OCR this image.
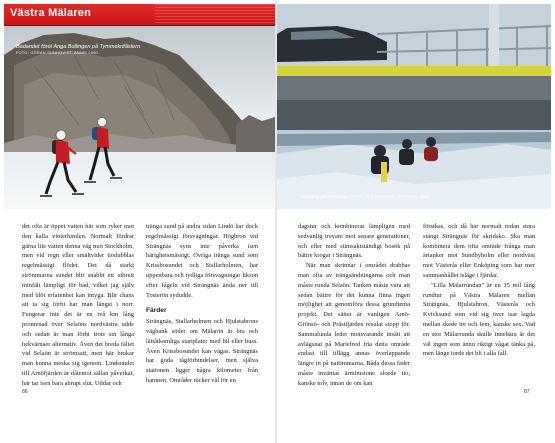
Västra Mälaren
Badandet föret Anga Bollingen på Tymmekrifåstern
FOTO: GÖRAN SUNDQVIST, ANNIE LIND
Isplåtning på Strängnäs, FOTO: OLE MAGNUS JENSSEN, 2007

det ofta är öppet vatten här som ryker mot den kalla vinterhimlen. Normalt fördrar gärna lite vatten denna väg mot Stockholm, men vid regn eller smältvider tiodubblas regelmässigt flödet. Det då starkt strömmarna sundet blir snabbt ett utbrett minfält lämpligt för bad, vilket jag själv med blöt erfarenhet kan intyga. Blir chans att ta sig förbi har man längst i norr. Fungerar inte det är en två km lång promenad över Selaöns nordvästra udde och sedan är man förbi trots sin långa hekvärnaer alternativ. Även det breda fältet vid Selaön är strömsatt, men här brukar man kunna meska sig igenom. Lindsundet till Arnöfjärden är dåtemot sällan påverkat, här tar isen bara abrupt slut. Uddar och

tränga sund på andra sidan Lindö har dock regelmässigt försvagningar. Högbron vid Strängnäs syns inte påverka isen härighetsmässigt. Övriga tränga sund som Krissbosundet och Stallarholmen, har uppenbara och tydliga försvagningar likson efter fågeln vid Strängnäs ända ner till Tosterön syduddе.

Färder

Strängnäs, Stallarholmen och Hjulstabrons vägbank söder om Mälarön är bra och lättåtkomliga startplater med bil eller buss. Även Krissbosundet kan vägas. Strängnäs har goda tågförbindelser, men själva stationen ligger några kilometer från hamnen. Områder räcker väl för en

dagstur och kombineras lämpligen med sedvanlig trevare mot senare generationer, och eller med stimsaktständigt bosök på bättre krogar i Strängnäs.

När man skrinnar i området drabbas man ofta av trängsändningarna och man måste runda Selaön. Tanken måste vara att sedan bättre för det kunna finna ingen möjlighet att genomföra dessa grundtema projekt. Det sättet är vanligen Arnö-Grönsö- och Prästfjärden resulat stopp för. Sammalunda leder motsvarande insätt att avlägsnat på Mariefred fria detta område endast till tillägg annas överlappande längre in på nattimmarna. Båda dessa fäder måste inväntas ärmimstone sloede tio, kanske tolv, innan de om kan

förstkas, och då har normalt redan stora stängt Strängnäs för skridsko. Ska man kombinera dem ofta omräde frånga man ärtanker mot Sundbyholm eller nordväst mot Västerås eller Enköping som har mer sammanhållet isläge i fjärdar.

"Lilla Mälarrundan" är en 15 mil lång rundtur på Västra Mälaren mellan Strängnäs, Hjulstabron, Västerås och Kvicksund som vid sig över isar lagda mellan skede tre och fem, kanske sex. Vad en stor Mälarrunda skulle innebära är det väl ingen som ännu riktigt vågat tänka på, men länge torde det bli i alla fall.

86	87
